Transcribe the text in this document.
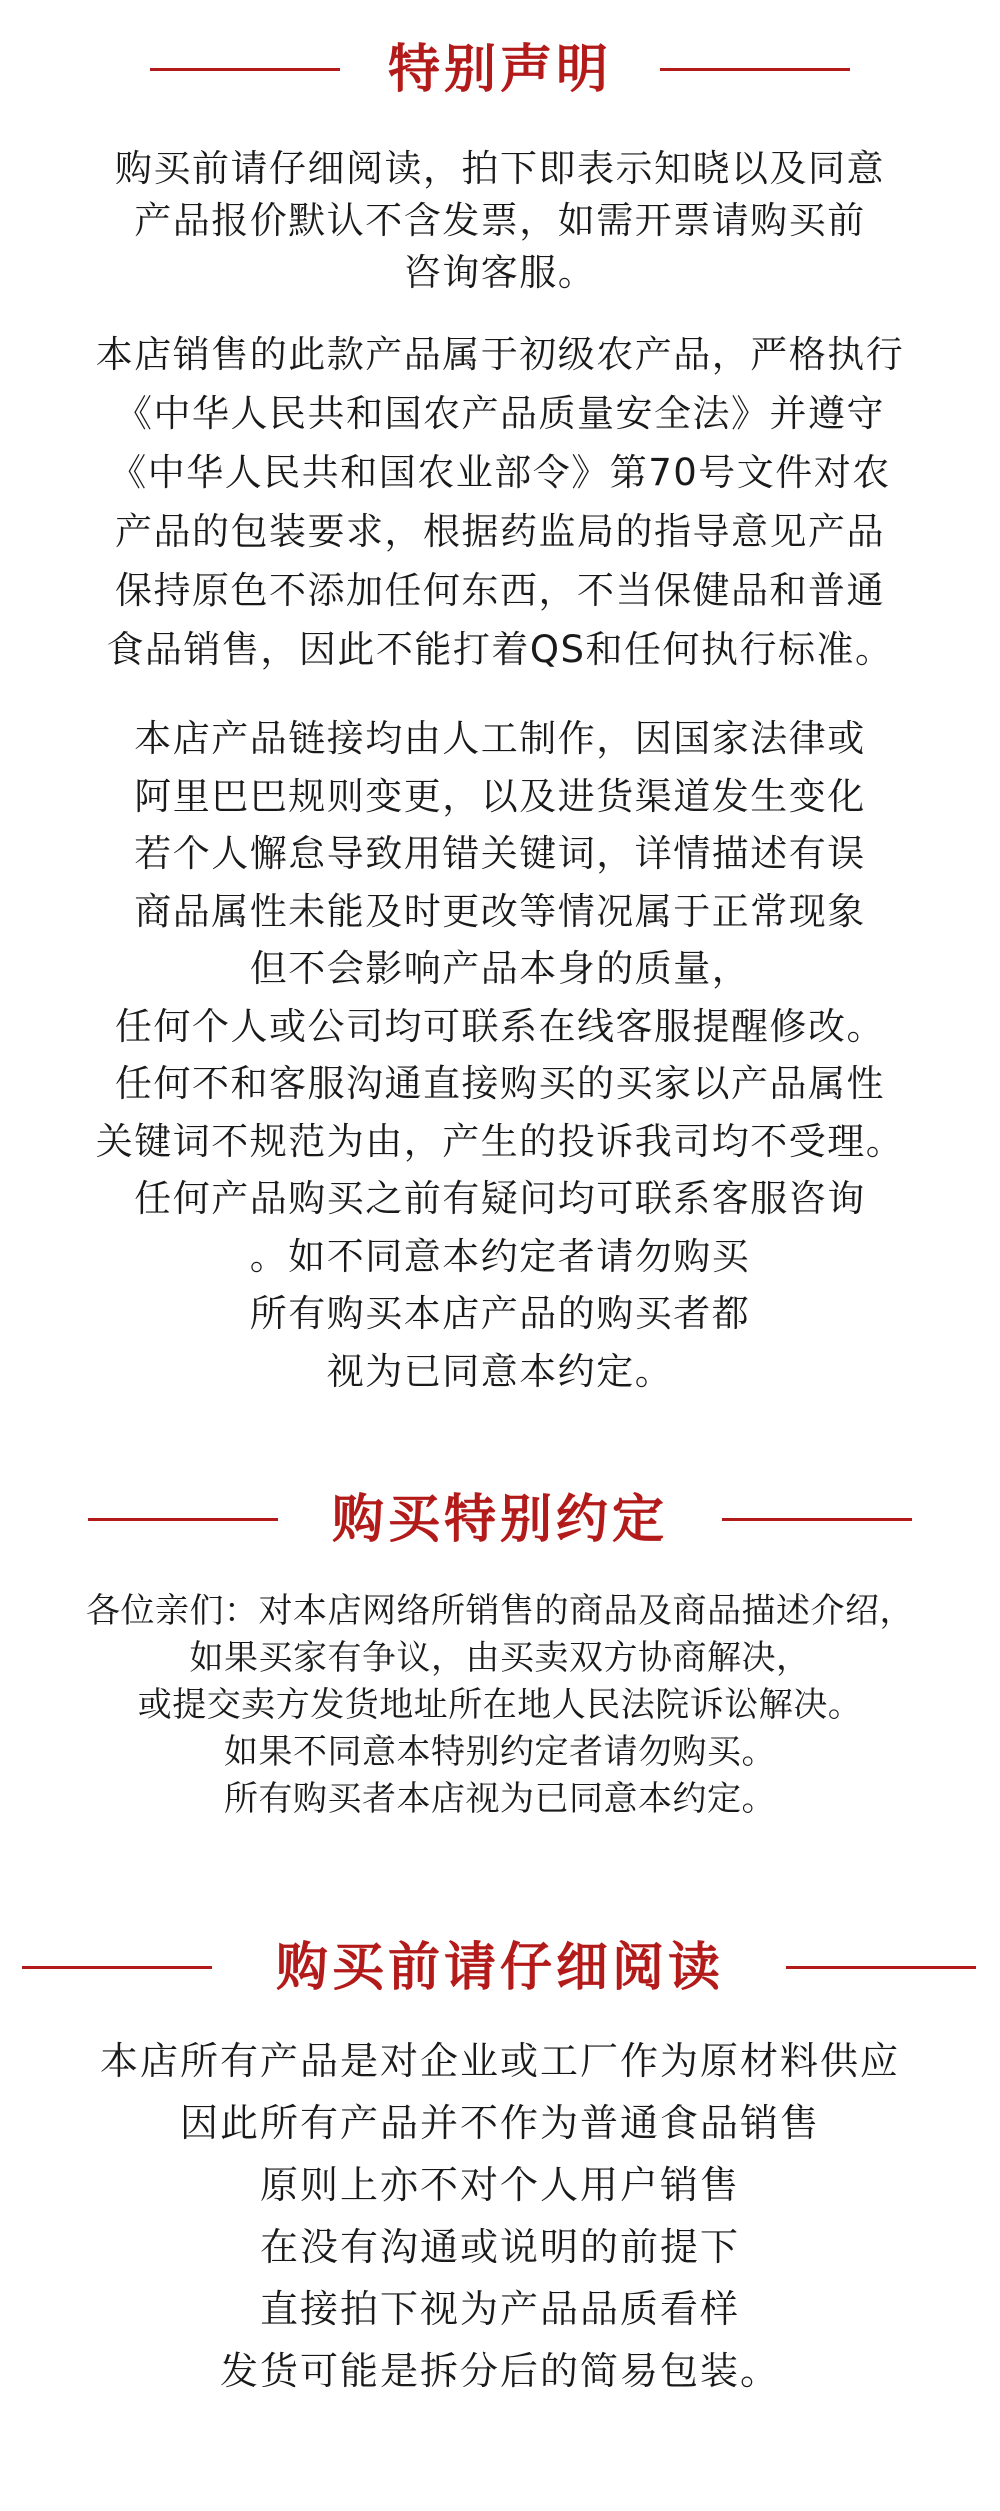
特别声明

购买前请仔细阅读，拍下即表示知晓以及同意

产品报价默认不含发票，如需开票请购买前

咨询客服。

本店销售的此款产品属于初级农产品，严格执行

《中华人民共和国农产品质量安全法》并遵守

《中华人民共和国农业部令》第70号文件对农

产品的包装要求，根据药监局的指导意见产品

保持原色不添加任何东西，不当保健品和普通

食品销售，因此不能打着QS和任何执行标准。

本店产品链接均由人工制作，因国家法律或

阿里巴巴规则变更，以及进货渠道发生变化

若个人懈怠导致用错关键词，详情描述有误

商品属性未能及时更改等情况属于正常现象

但不会影响产品本身的质量，

任何个人或公司均可联系在线客服提醒修改。

任何不和客服沟通直接购买的买家以产品属性

关键词不规范为由，产生的投诉我司均不受理。

任何产品购买之前有疑问均可联系客服咨询

。如不同意本约定者请勿购买

所有购买本店产品的购买者都

视为已同意本约定。

购买特别约定

各位亲们：对本店网络所销售的商品及商品描述介绍，

如果买家有争议，由买卖双方协商解决，

或提交卖方发货地址所在地人民法院诉讼解决。

如果不同意本特别约定者请勿购买。

所有购买者本店视为已同意本约定。

购买前请仔细阅读

本店所有产品是对企业或工厂作为原材料供应

因此所有产品并不作为普通食品销售

原则上亦不对个人用户销售

在没有沟通或说明的前提下

直接拍下视为产品品质看样

发货可能是拆分后的简易包装。
